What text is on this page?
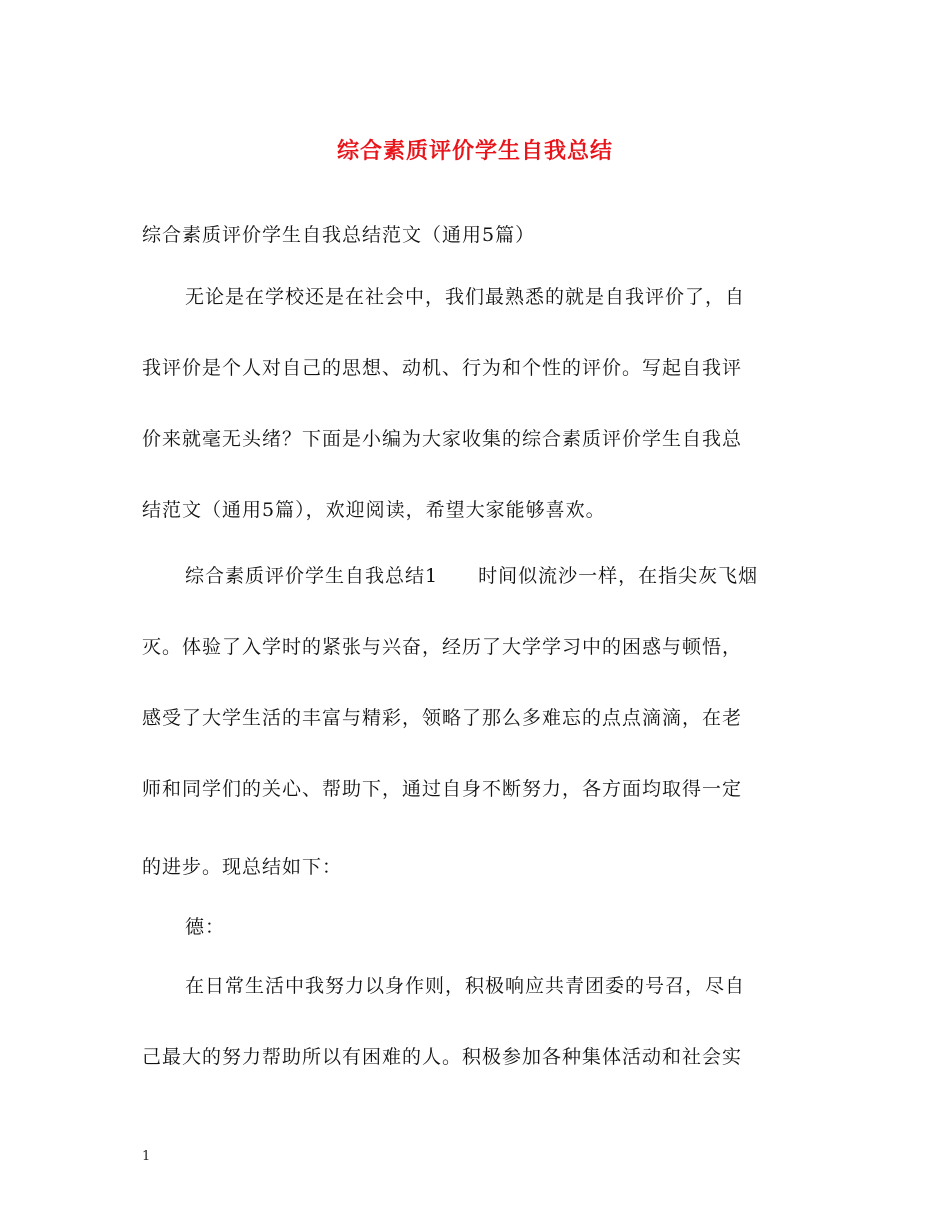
综合素质评价学生自我总结
综合素质评价学生自我总结范文（通用5篇）
无论是在学校还是在社会中，我们最熟悉的就是自我评价了，自
我评价是个人对自己的思想、动机、行为和个性的评价。写起自我评
价来就毫无头绪？下面是小编为大家收集的综合素质评价学生自我总
结范文（通用5篇），欢迎阅读，希望大家能够喜欢。
综合素质评价学生自我总结1 时间似流沙一样，在指尖灰飞烟
灭。体验了入学时的紧张与兴奋，经历了大学学习中的困惑与顿悟，
感受了大学生活的丰富与精彩，领略了那么多难忘的点点滴滴，在老
师和同学们的关心、帮助下，通过自身不断努力，各方面均取得一定
的进步。现总结如下：
德：
在日常生活中我努力以身作则，积极响应共青团委的号召，尽自
己最大的努力帮助所以有困难的人。积极参加各种集体活动和社会实
1
